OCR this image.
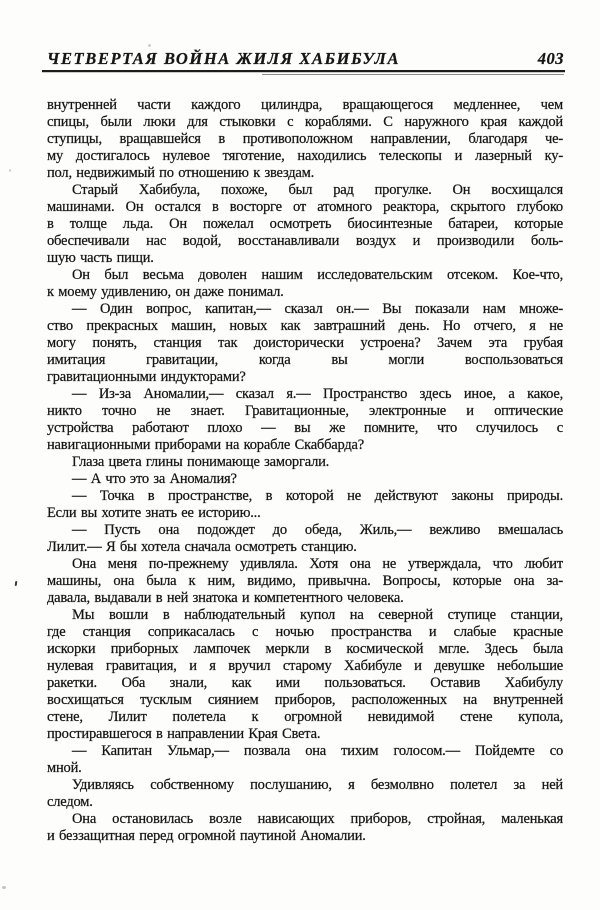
ЧЕТВЕРТАЯ ВОЙНА ЖИЛЯ ХАБИБУЛА	403
внутренней части каждого цилиндра, вращающегося медленнее, чем
спицы, были люки для стыковки с кораблями. С наружного края каждой
ступицы, вращавшейся в противоположном направлении, благодаря че-
му достигалось нулевое тяготение, находились телескопы и лазерный ку-
пол, недвижимый по отношению к звездам.
Старый Хабибула, похоже, был рад прогулке. Он восхищался
машинами. Он остался в восторге от атомного реактора, скрытого глубоко
в толще льда. Он пожелал осмотреть биосинтезные батареи, которые
обеспечивали нас водой, восстанавливали воздух и производили боль-
шую часть пищи.
Он был весьма доволен нашим исследовательским отсеком. Кое-что,
к моему удивлению, он даже понимал.
— Один вопрос, капитан,— сказал он.— Вы показали нам множе-
ство прекрасных машин, новых как завтрашний день. Но отчего, я не
могу понять, станция так доисторически устроена? Зачем эта грубая
имитация гравитации, когда вы могли воспользоваться
гравитационными индукторами?
— Из-за Аномалии,— сказал я.— Пространство здесь иное, а какое,
никто точно не знает. Гравитационные, электронные и оптические
устройства работают плохо — вы же помните, что случилось с
навигационными приборами на корабле Скаббарда?
Глаза цвета глины понимающе заморгали.
— А что это за Аномалия?
— Точка в пространстве, в которой не действуют законы природы.
Если вы хотите знать ее историю...
— Пусть она подождет до обеда, Жиль,— вежливо вмешалась
Лилит.— Я бы хотела сначала осмотреть станцию.
Она меня по-прежнему удивляла. Хотя она не утверждала, что любит
машины, она была к ним, видимо, привычна. Вопросы, которые она за-
давала, выдавали в ней знатока и компетентного человека.
Мы вошли в наблюдательный купол на северной ступице станции,
где станция соприкасалась с ночью пространства и слабые красные
искорки приборных лампочек меркли в космической мгле. Здесь была
нулевая гравитация, и я вручил старому Хабибуле и девушке небольшие
ракетки. Оба знали, как ими пользоваться. Оставив Хабибулу
восхищаться тусклым сиянием приборов, расположенных на внутренней
стене, Лилит полетела к огромной невидимой стене купола,
простиравшегося в направлении Края Света.
— Капитан Ульмар,— позвала она тихим голосом.— Пойдемте со
мной.
Удивляясь собственному послушанию, я безмолвно полетел за ней
следом.
Она остановилась возле нависающих приборов, стройная, маленькая
и беззащитная перед огромной паутиной Аномалии.
